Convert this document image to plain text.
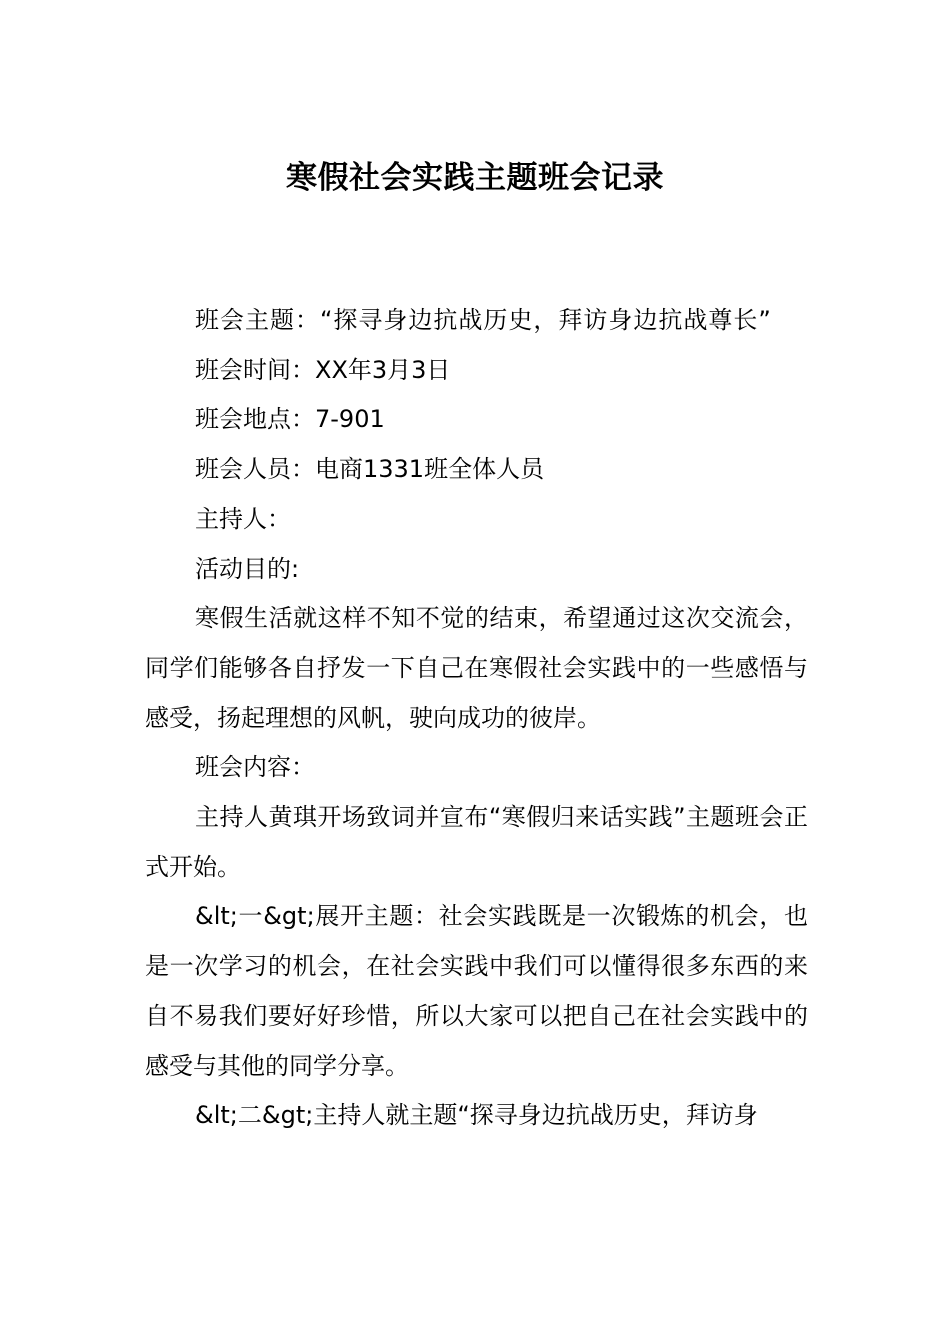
寒假社会实践主题班会记录

班会主题：“探寻身边抗战历史，拜访身边抗战尊长”

班会时间：XX年3月3日

班会地点：7-901

班会人员：电商1331班全体人员

主持人：

活动目的:

寒假生活就这样不知不觉的结束，希望通过这次交流会，同学们能够各自抒发一下自己在寒假社会实践中的一些感悟与感受，扬起理想的风帆，驶向成功的彼岸。

班会内容：

主持人黄琪开场致词并宣布“寒假归来话实践”主题班会正式开始。

&lt;一&gt;展开主题：社会实践既是一次锻炼的机会，也是一次学习的机会，在社会实践中我们可以懂得很多东西的来自不易我们要好好珍惜，所以大家可以把自己在社会实践中的感受与其他的同学分享。

&lt;二&gt;主持人就主题“探寻身边抗战历史，拜访身
